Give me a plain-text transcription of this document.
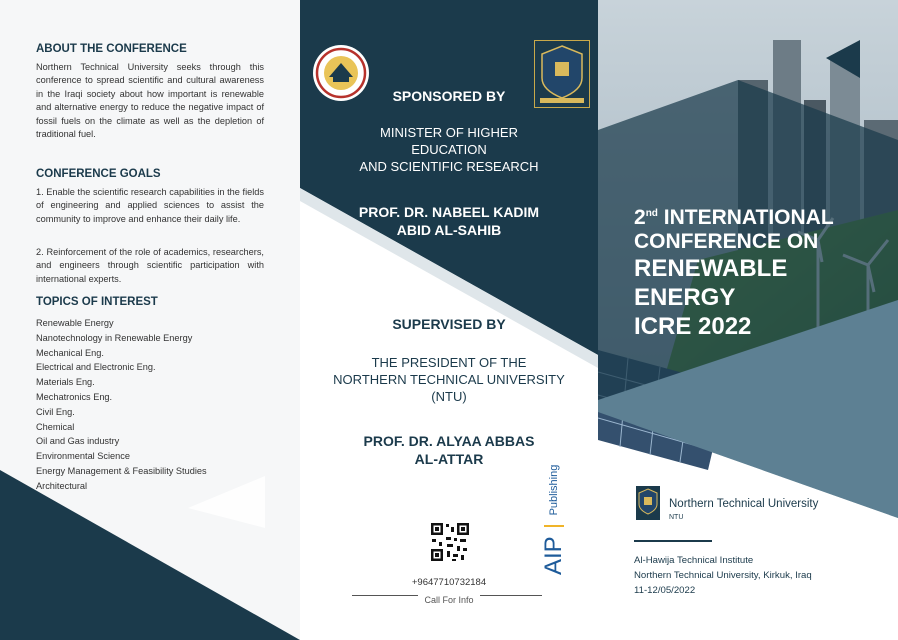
ABOUT THE CONFERENCE
Northern Technical University seeks through this conference to spread scientific and cultural awareness in the Iraqi society about how important is renewable and alternative energy to reduce the negative impact of fossil fuels on the climate as well as the depletion of traditional fuel.
CONFERENCE GOALS
1. Enable the scientific research capabilities in the fields of engineering and applied sciences to assist the community to improve and enhance their daily life.
2. Reinforcement of the role of academics, researchers, and engineers through scientific participation with international experts.
TOPICS OF INTEREST
Renewable Energy
Nanotechnology in Renewable Energy
Mechanical Eng.
Electrical and Electronic Eng.
Materials Eng.
Mechatronics Eng.
Civil Eng.
Chemical
Oil and Gas industry
Environmental Science
Energy Management & Feasibility Studies
Architectural
SPONSORED BY
MINISTER OF HIGHER
EDUCATION
AND SCIENTIFIC RESEARCH
PROF. DR. NABEEL KADIM
ABID AL-SAHIB
SUPERVISED BY
THE PRESIDENT OF THE
NORTHERN TECHNICAL UNIVERSITY
(NTU)
PROF. DR. ALYAA ABBAS
AL-ATTAR
AIP  Publishing
+9647710732184
Call For Info
2nd INTERNATIONAL
CONFERENCE ON
RENEWABLE
ENERGY
ICRE 2022
Northern Technical University
NTU
Al-Hawija Technical Institute
Northern Technical University, Kirkuk, Iraq
11-12/05/2022
